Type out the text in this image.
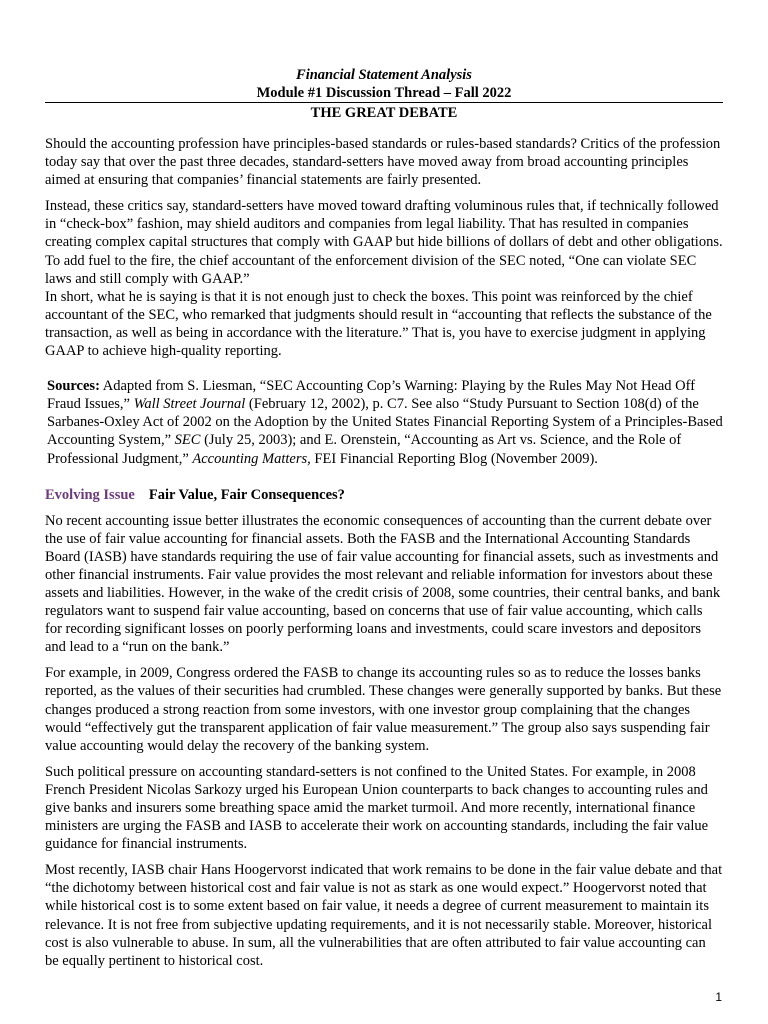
Financial Statement Analysis
Module #1 Discussion Thread – Fall 2022
THE GREAT DEBATE

Should the accounting profession have principles-based standards or rules-based standards? Critics of the profession today say that over the past three decades, standard-setters have moved away from broad accounting principles aimed at ensuring that companies’ financial statements are fairly presented.

Instead, these critics say, standard-setters have moved toward drafting voluminous rules that, if technically followed in “check-box” fashion, may shield auditors and companies from legal liability. That has resulted in companies creating complex capital structures that comply with GAAP but hide billions of dollars of debt and other obligations. To add fuel to the fire, the chief accountant of the enforcement division of the SEC noted, “One can violate SEC laws and still comply with GAAP.”

In short, what he is saying is that it is not enough just to check the boxes. This point was reinforced by the chief accountant of the SEC, who remarked that judgments should result in “accounting that reflects the substance of the transaction, as well as being in accordance with the literature.” That is, you have to exercise judgment in applying GAAP to achieve high-quality reporting.

Sources: Adapted from S. Liesman, “SEC Accounting Cop’s Warning: Playing by the Rules May Not Head Off Fraud Issues,” Wall Street Journal (February 12, 2002), p. C7. See also “Study Pursuant to Section 108(d) of the Sarbanes-Oxley Act of 2002 on the Adoption by the United States Financial Reporting System of a Principles-Based Accounting System,” SEC (July 25, 2003); and E. Orenstein, “Accounting as Art vs. Science, and the Role of Professional Judgment,” Accounting Matters, FEI Financial Reporting Blog (November 2009).

Evolving Issue Fair Value, Fair Consequences?

No recent accounting issue better illustrates the economic consequences of accounting than the current debate over the use of fair value accounting for financial assets. Both the FASB and the International Accounting Standards Board (IASB) have standards requiring the use of fair value accounting for financial assets, such as investments and other financial instruments. Fair value provides the most relevant and reliable information for investors about these assets and liabilities. However, in the wake of the credit crisis of 2008, some countries, their central banks, and bank regulators want to suspend fair value accounting, based on concerns that use of fair value accounting, which calls for recording significant losses on poorly performing loans and investments, could scare investors and depositors and lead to a “run on the bank.”

For example, in 2009, Congress ordered the FASB to change its accounting rules so as to reduce the losses banks reported, as the values of their securities had crumbled. These changes were generally supported by banks. But these changes produced a strong reaction from some investors, with one investor group complaining that the changes would “effectively gut the transparent application of fair value measurement.” The group also says suspending fair value accounting would delay the recovery of the banking system.

Such political pressure on accounting standard-setters is not confined to the United States. For example, in 2008 French President Nicolas Sarkozy urged his European Union counterparts to back changes to accounting rules and give banks and insurers some breathing space amid the market turmoil. And more recently, international finance ministers are urging the FASB and IASB to accelerate their work on accounting standards, including the fair value guidance for financial instruments.

Most recently, IASB chair Hans Hoogervorst indicated that work remains to be done in the fair value debate and that “the dichotomy between historical cost and fair value is not as stark as one would expect.” Hoogervorst noted that while historical cost is to some extent based on fair value, it needs a degree of current measurement to maintain its relevance. It is not free from subjective updating requirements, and it is not necessarily stable. Moreover, historical cost is also vulnerable to abuse. In sum, all the vulnerabilities that are often attributed to fair value accounting can be equally pertinent to historical cost.

1
